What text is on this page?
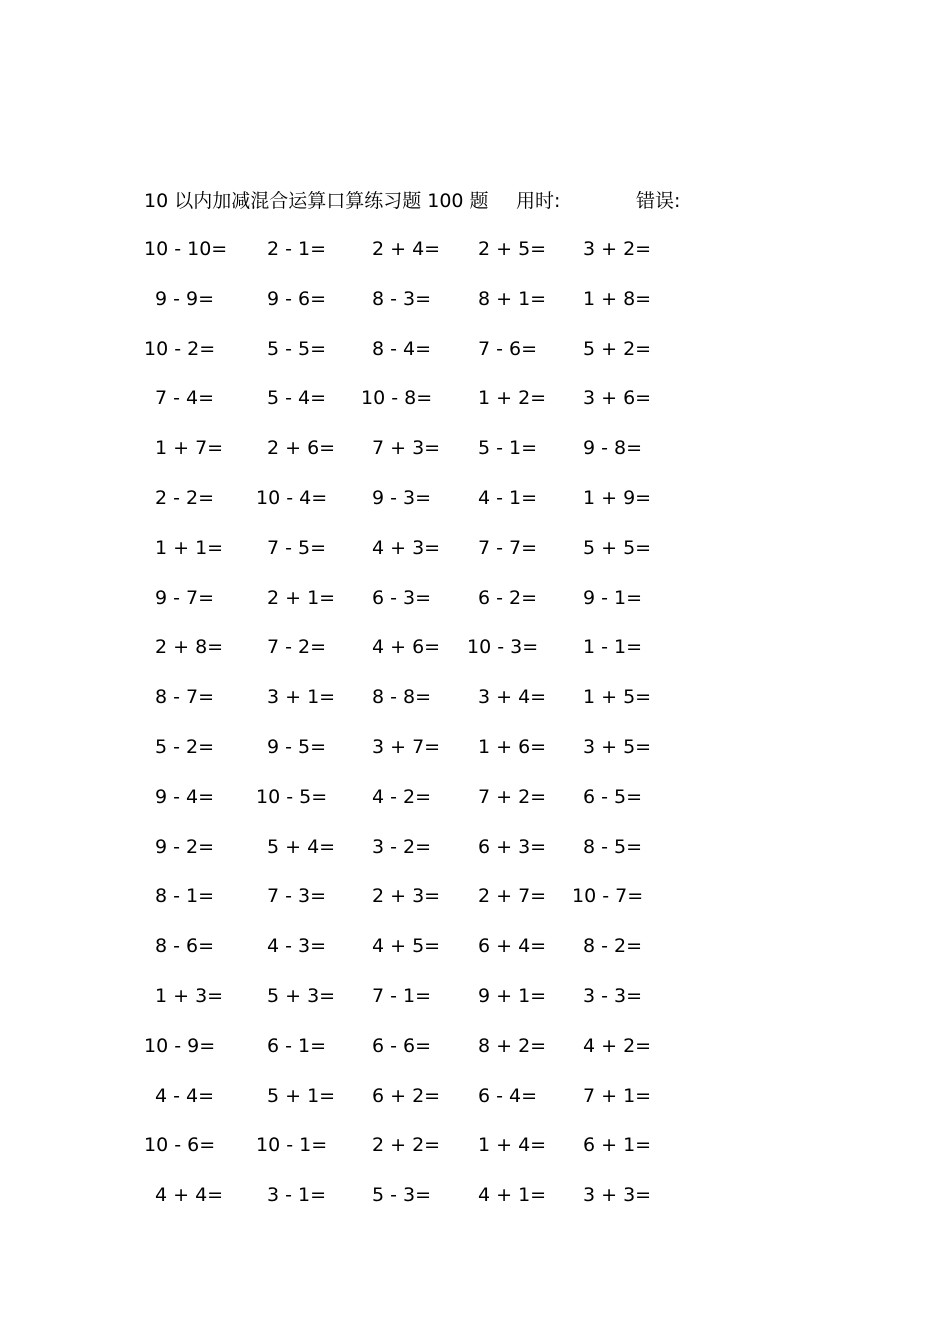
10 以内加减混合运算口算练习题 100 题 用时:	错误:
10 - 10= 2 - 1= 2 + 4= 2 + 5= 3 + 2=
9 - 9=	9 - 6= 8 - 3= 8 + 1= 1 + 8=
10 - 2=	5 - 5= 8 - 4= 7 - 6= 5 + 2=
7 - 4=	5 - 4= 10 - 8= 1 + 2= 3 + 6=
1 + 7= 2 + 6= 7 + 3= 5 - 1= 9 - 8=
2 - 2= 10 - 4= 9 - 3= 4 - 1= 1 + 9=
1 + 1= 7 - 5= 4 + 3= 7 - 7= 5 + 5=
9 - 7=	2 + 1= 6 - 3= 6 - 2= 9 - 1=
2 + 8= 7 - 2= 4 + 6= 10 - 3= 1 - 1=
8 - 7=	3 + 1= 8 - 8= 3 + 4= 1 + 5=
5 - 2=	9 - 5= 3 + 7= 1 + 6= 3 + 5=
9 - 4= 10 - 5= 4 - 2= 7 + 2= 6 - 5=
9 - 2=	5 + 4= 3 - 2= 6 + 3= 8 - 5=
8 - 1=	7 - 3= 2 + 3= 2 + 7= 10 - 7=
8 - 6=	4 - 3= 4 + 5= 6 + 4= 8 - 2=
1 + 3= 5 + 3= 7 - 1= 9 + 1= 3 - 3=
10 - 9=	6 - 1= 6 - 6= 8 + 2= 4 + 2=
4 - 4=	5 + 1= 6 + 2= 6 - 4= 7 + 1=
10 - 6= 10 - 1= 2 + 2= 1 + 4= 6 + 1=
4 + 4= 3 - 1= 5 - 3= 4 + 1= 3 + 3=
